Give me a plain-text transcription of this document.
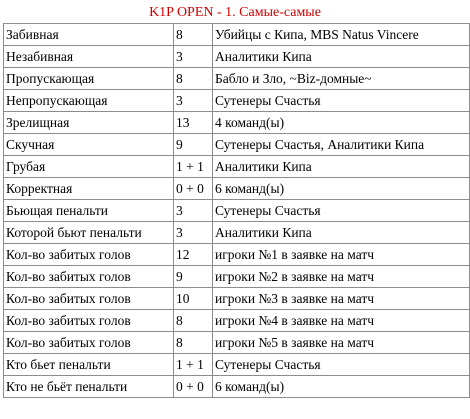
K1P OPEN - 1. Самые-самые
Забивная	8	Убийцы с Кипа, MBS Natus Vincere
Незабивная	3	Аналитики Кипа
Пропускающая	8	Бабло и Зло, ~Biz-домные~
Непропускающая	3	Сутенеры Счастья
Зрелищная	13	4 команд(ы)
Скучная	9	Сутенеры Счастья, Аналитики Кипа
Грубая	1 + 1	Аналитики Кипа
Корректная	0 + 0	6 команд(ы)
Бьющая пенальти	3	Сутенеры Счастья
Которой бьют пенальти	3	Аналитики Кипа
Кол-во забитых голов	12	игроки №1 в заявке на матч
Кол-во забитых голов	9	игроки №2 в заявке на матч
Кол-во забитых голов	10	игроки №3 в заявке на матч
Кол-во забитых голов	8	игроки №4 в заявке на матч
Кол-во забитых голов	8	игроки №5 в заявке на матч
Кто бьет пенальти	1 + 1	Сутенеры Счастья
Кто не бьёт пенальти	0 + 0	6 команд(ы)
